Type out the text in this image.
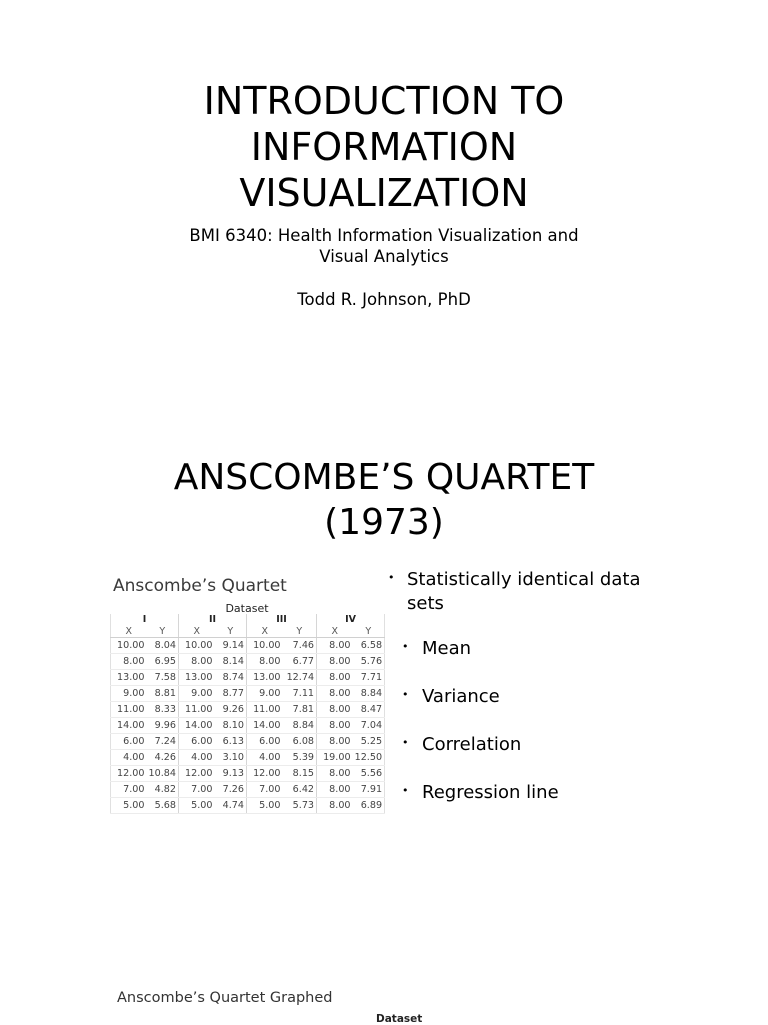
INTRODUCTION TO
INFORMATION
VISUALIZATION
BMI 6340: Health Information Visualization and
Visual Analytics
Todd R. Johnson, PhD
ANSCOMBE’S QUARTET
(1973)
Anscombe’s Quartet
Dataset
I		II		III		IV	
X	Y	X	Y	X	Y	X	Y
10.00	8.04	10.00	9.14	10.00	7.46	8.00	6.58
8.00	6.95	8.00	8.14	8.00	6.77	8.00	5.76
13.00	7.58	13.00	8.74	13.00	12.74	8.00	7.71
9.00	8.81	9.00	8.77	9.00	7.11	8.00	8.84
11.00	8.33	11.00	9.26	11.00	7.81	8.00	8.47
14.00	9.96	14.00	8.10	14.00	8.84	8.00	7.04
6.00	7.24	6.00	6.13	6.00	6.08	8.00	5.25
4.00	4.26	4.00	3.10	4.00	5.39	19.00	12.50
12.00	10.84	12.00	9.13	12.00	8.15	8.00	5.56
7.00	4.82	7.00	7.26	7.00	6.42	8.00	7.91
5.00	5.68	5.00	4.74	5.00	5.73	8.00	6.89
• Statistically identical data sets
• Mean
• Variance
• Correlation
• Regression line
Anscombe’s Quartet Graphed
Dataset
